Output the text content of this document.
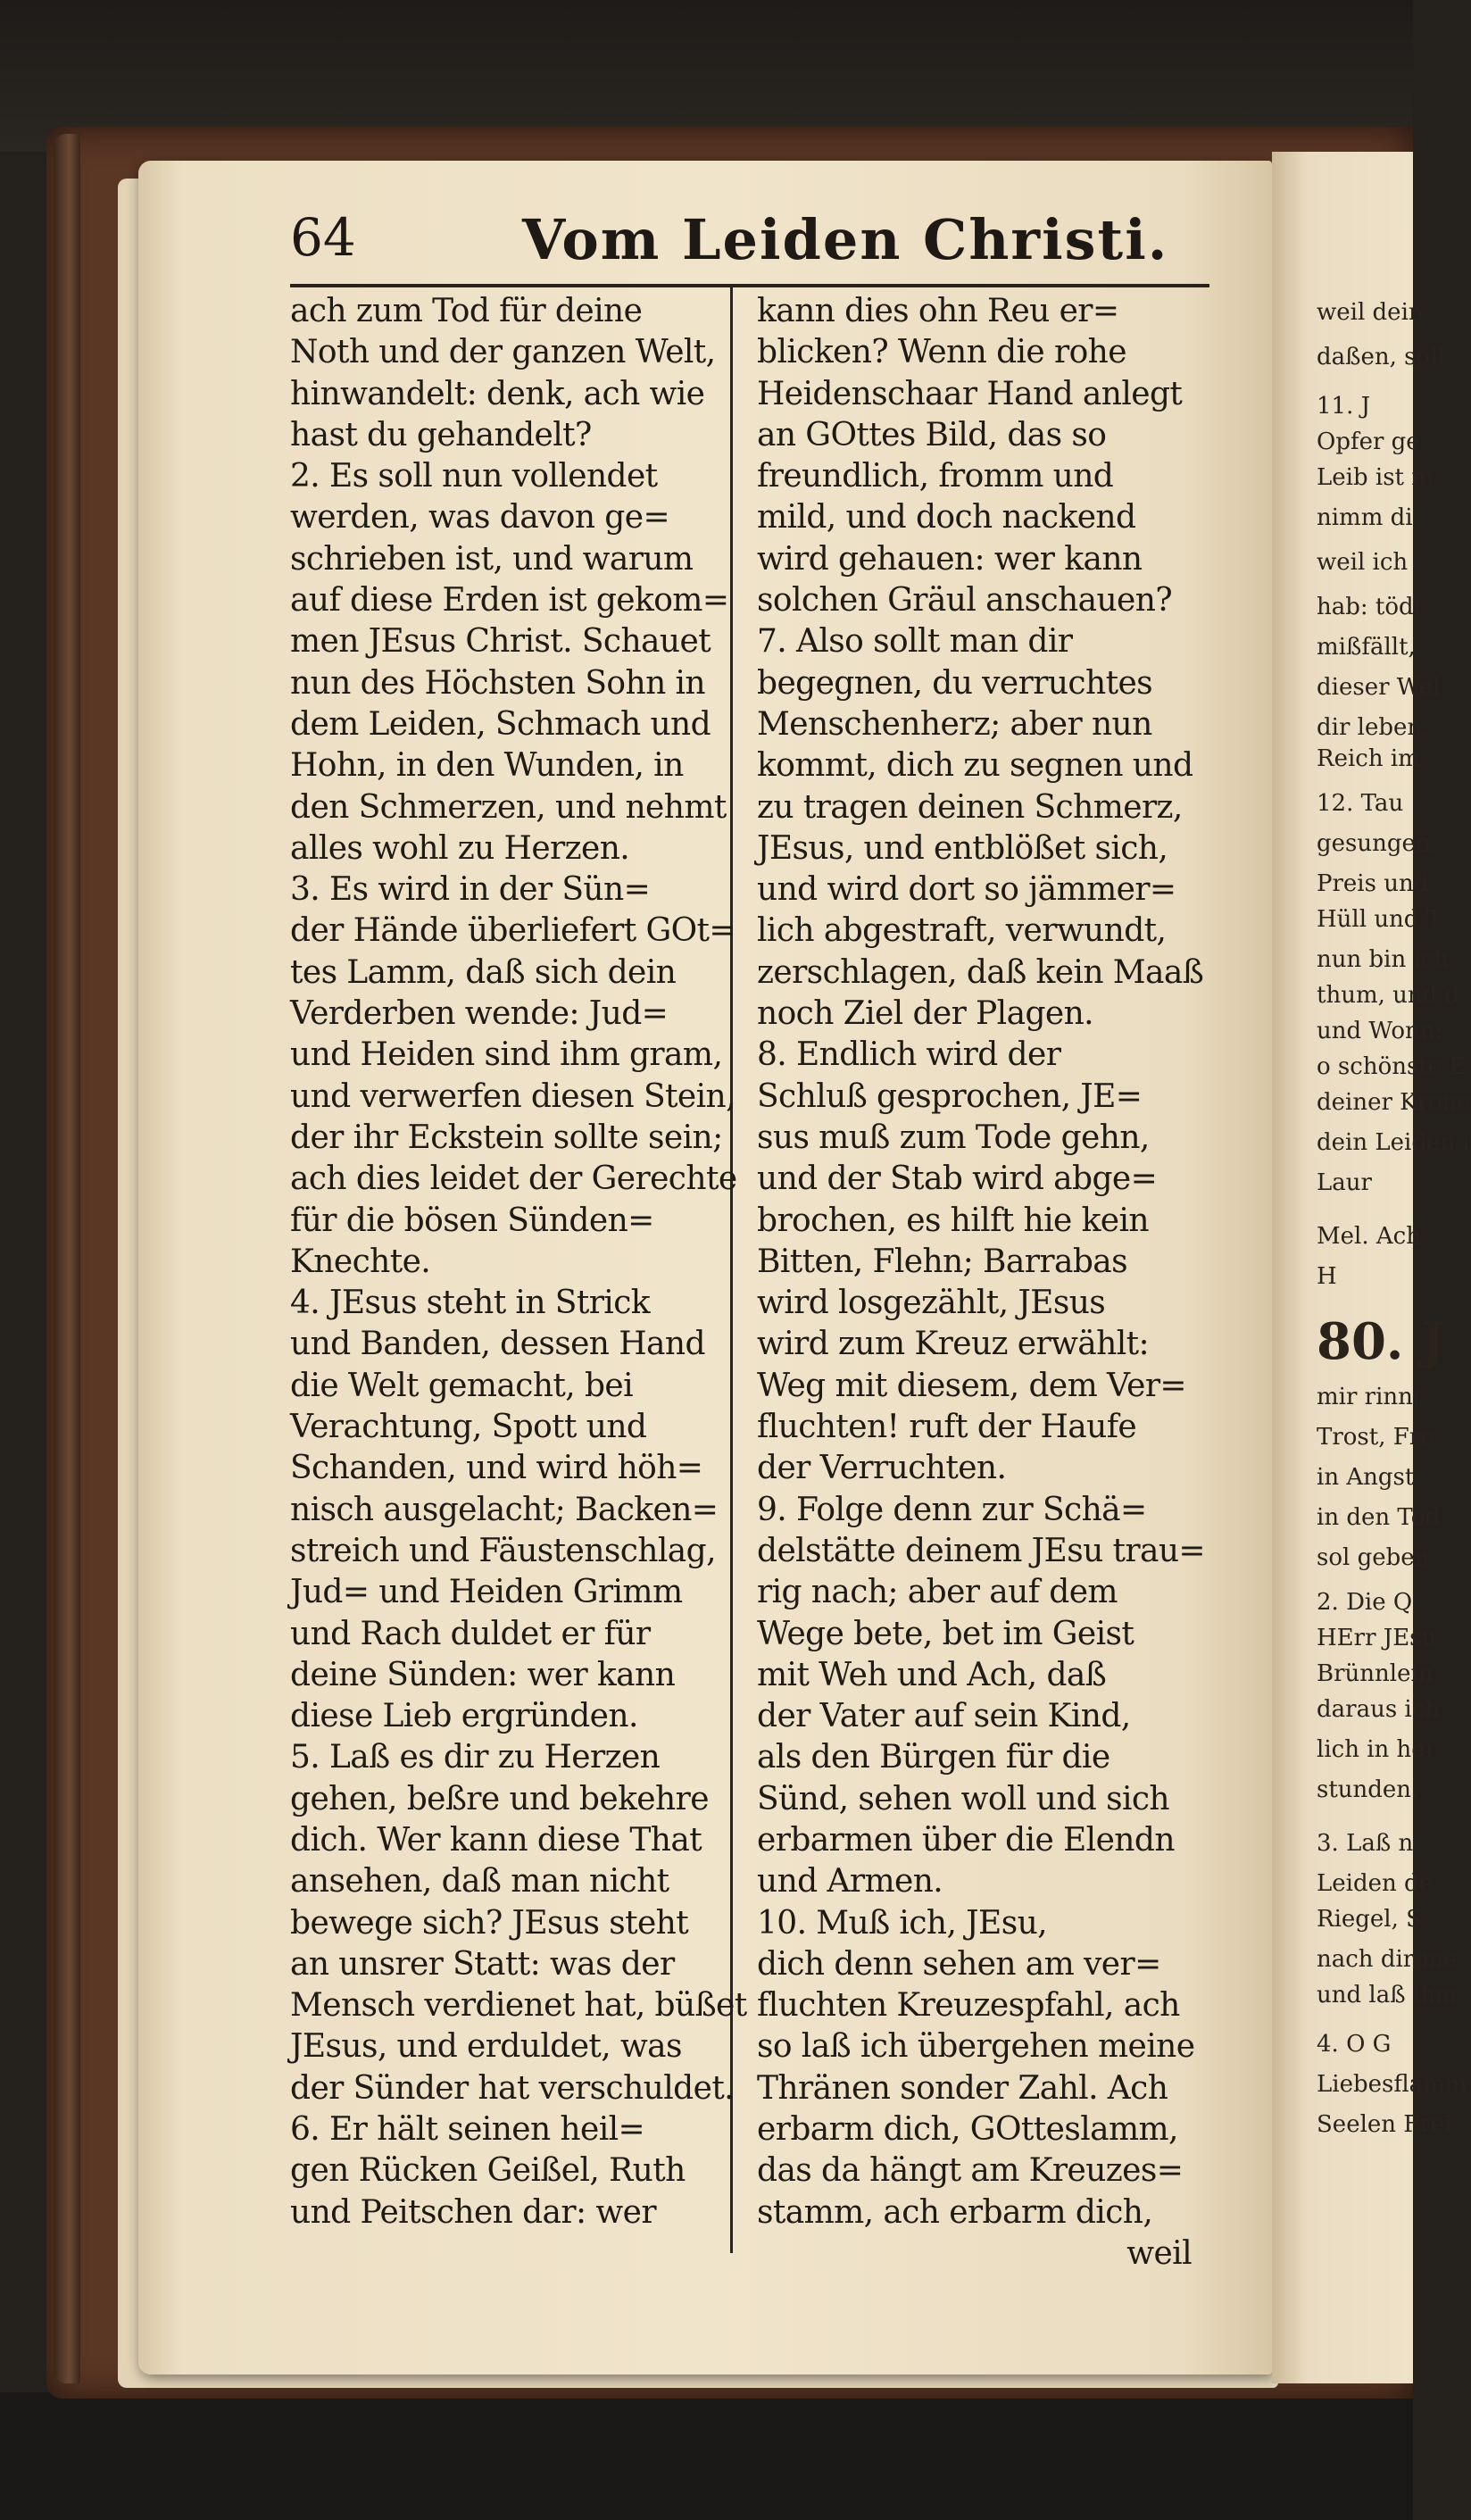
weil dein
daßen, soll
11. J
Opfer ge
Leib ist m
nimm di
weil ich
hab: tödt
mißfällt,
dieser Wel
dir leben,
Reich im
12. Tau
gesungen,
Preis und
Hüll und T
nun bin ich
thum, und d
und Wonn:
o schönste E
deiner Krone
dein Leiden i
Laur
Mel. Ach
H
80. J
mir rinnt
Trost, Fre
in Angst
in den Tod
sol geben.
2. Die Q
HErr JEsu
Brünnlein
daraus ich
lich in hei
stunden.
3. Laß n
Leiden de
Riegel, S
nach dir me
und laß ihm
4. O G
Liebesflamm
Seelen Frei
64	Vom Leiden Christi.
ach zum Tod für deine
Noth und der ganzen Welt,
hinwandelt: denk, ach wie
hast du gehandelt?
2. Es soll nun vollendet
werden, was davon ge=
schrieben ist, und warum
auf diese Erden ist gekom=
men JEsus Christ. Schauet
nun des Höchsten Sohn in
dem Leiden, Schmach und
Hohn, in den Wunden, in
den Schmerzen, und nehmt
alles wohl zu Herzen.
3. Es wird in der Sün=
der Hände überliefert GOt=
tes Lamm, daß sich dein
Verderben wende: Jud=
und Heiden sind ihm gram,
und verwerfen diesen Stein,
der ihr Eckstein sollte sein;
ach dies leidet der Gerechte
für die bösen Sünden=
Knechte.
4. JEsus steht in Strick
und Banden, dessen Hand
die Welt gemacht, bei
Verachtung, Spott und
Schanden, und wird höh=
nisch ausgelacht; Backen=
streich und Fäustenschlag,
Jud= und Heiden Grimm
und Rach duldet er für
deine Sünden: wer kann
diese Lieb ergründen.
5. Laß es dir zu Herzen
gehen, beßre und bekehre
dich. Wer kann diese That
ansehen, daß man nicht
bewege sich? JEsus steht
an unsrer Statt: was der
Mensch verdienet hat, büßet
JEsus, und erduldet, was
der Sünder hat verschuldet.
6. Er hält seinen heil=
gen Rücken Geißel, Ruth
und Peitschen dar: wer
kann dies ohn Reu er=
blicken? Wenn die rohe
Heidenschaar Hand anlegt
an GOttes Bild, das so
freundlich, fromm und
mild, und doch nackend
wird gehauen: wer kann
solchen Gräul anschauen?
7. Also sollt man dir
begegnen, du verruchtes
Menschenherz; aber nun
kommt, dich zu segnen und
zu tragen deinen Schmerz,
JEsus, und entblößet sich,
und wird dort so jämmer=
lich abgestraft, verwundt,
zerschlagen, daß kein Maaß
noch Ziel der Plagen.
8. Endlich wird der
Schluß gesprochen, JE=
sus muß zum Tode gehn,
und der Stab wird abge=
brochen, es hilft hie kein
Bitten, Flehn; Barrabas
wird losgezählt, JEsus
wird zum Kreuz erwählt:
Weg mit diesem, dem Ver=
fluchten! ruft der Haufe
der Verruchten.
9. Folge denn zur Schä=
delstätte deinem JEsu trau=
rig nach; aber auf dem
Wege bete, bet im Geist
mit Weh und Ach, daß
der Vater auf sein Kind,
als den Bürgen für die
Sünd, sehen woll und sich
erbarmen über die Elendn
und Armen.
10. Muß ich, JEsu,
dich denn sehen am ver=
fluchten Kreuzespfahl, ach
so laß ich übergehen meine
Thränen sonder Zahl. Ach
erbarm dich, GOtteslamm,
das da hängt am Kreuzes=
stamm, ach erbarm dich,
weil
